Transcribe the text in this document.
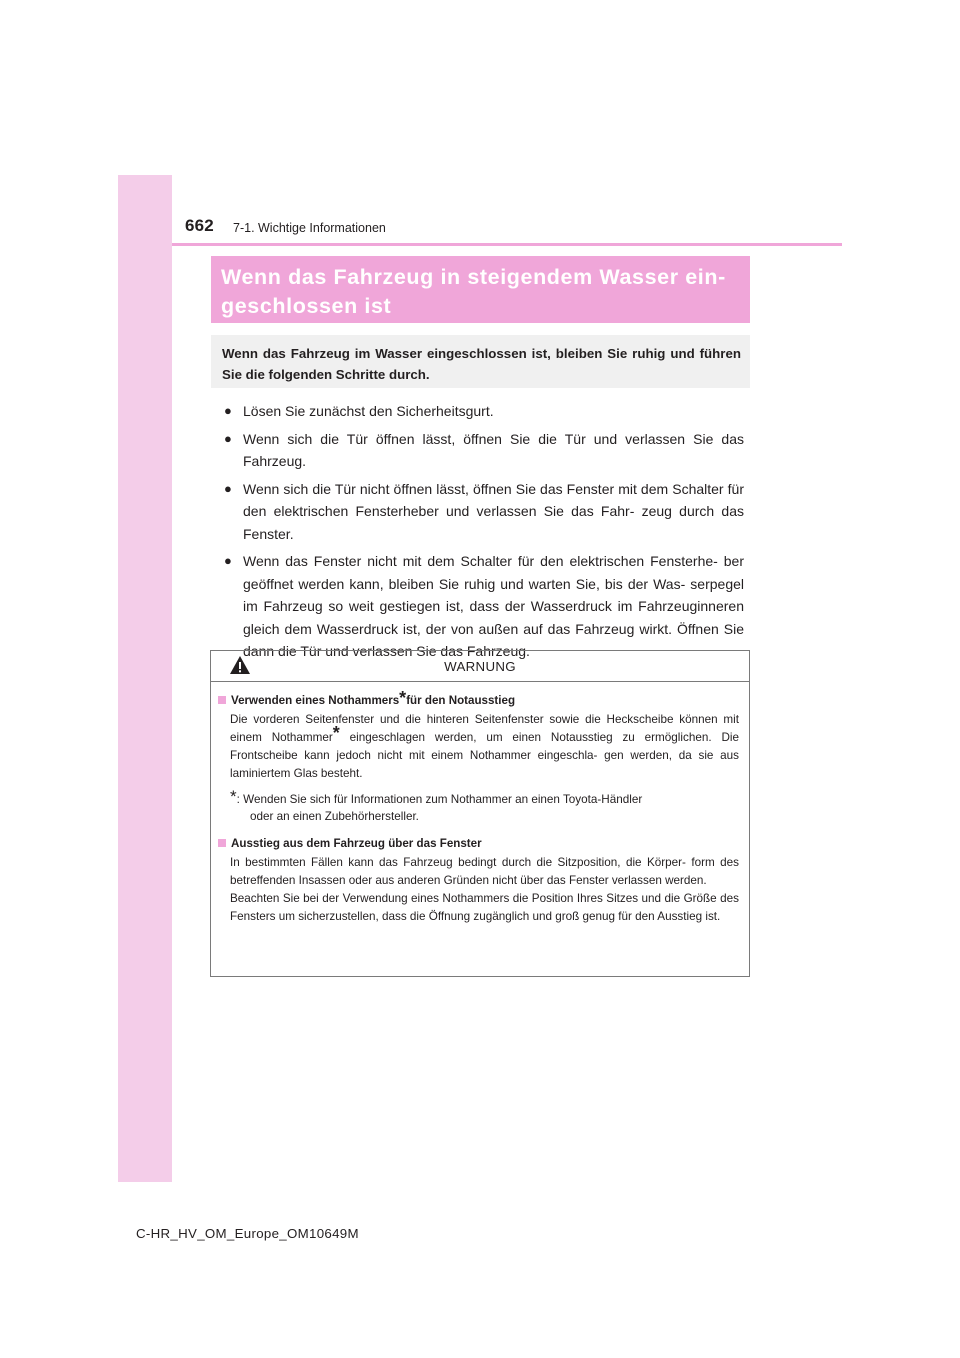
662 7-1. Wichtige Informationen
Wenn das Fahrzeug in steigendem Wasser ein-
geschlossen ist
Wenn das Fahrzeug im Wasser eingeschlossen ist, bleiben Sie ruhig und führen Sie die folgenden Schritte durch.
● Lösen Sie zunächst den Sicherheitsgurt.
● Wenn sich die Tür öffnen lässt, öffnen Sie die Tür und verlassen Sie das Fahrzeug.
● Wenn sich die Tür nicht öffnen lässt, öffnen Sie das Fenster mit dem Schalter für den elektrischen Fensterheber und verlassen Sie das Fahr- zeug durch das Fenster.
● Wenn das Fenster nicht mit dem Schalter für den elektrischen Fensterhe- ber geöffnet werden kann, bleiben Sie ruhig und warten Sie, bis der Was- serpegel im Fahrzeug so weit gestiegen ist, dass der Wasserdruck im Fahrzeuginneren gleich dem Wasserdruck ist, der von außen auf das Fahrzeug wirkt. Öffnen Sie dann die Tür und verlassen Sie das Fahrzeug.
WARNUNG
Verwenden eines Nothammers * für den Notausstieg
Die vorderen Seitenfenster und die hinteren Seitenfenster sowie die Heckscheibe können mit einem Nothammer* eingeschlagen werden, um einen Notausstieg zu ermöglichen. Die Frontscheibe kann jedoch nicht mit einem Nothammer eingeschla- gen werden, da sie aus laminiertem Glas besteht.
*: Wenden Sie sich für Informationen zum Nothammer an einen Toyota-Händler
oder an einen Zubehörhersteller.
Ausstieg aus dem Fahrzeug über das Fenster
In bestimmten Fällen kann das Fahrzeug bedingt durch die Sitzposition, die Körper- form des betreffenden Insassen oder aus anderen Gründen nicht über das Fenster verlassen werden.
Beachten Sie bei der Verwendung eines Nothammers die Position Ihres Sitzes und die Größe des Fensters um sicherzustellen, dass die Öffnung zugänglich und groß genug für den Ausstieg ist.
C-HR_HV_OM_Europe_OM10649M
